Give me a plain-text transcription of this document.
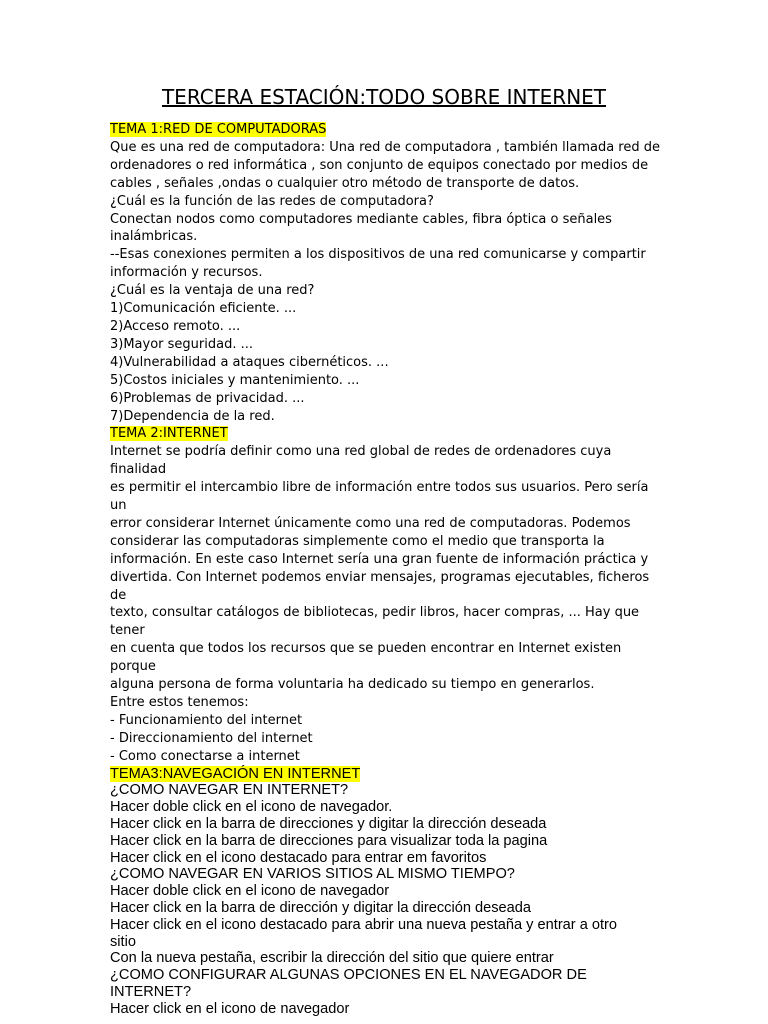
TERCERA ESTACIÓN:TODO SOBRE INTERNET

TEMA 1:RED DE COMPUTADORAS

Que es una red de computadora: Una red de computadora , también llamada red de

ordenadores o red informática , son conjunto de equipos conectado por medios de

cables , señales ,ondas o cualquier otro método de transporte de datos.

¿Cuál es la función de las redes de computadora?

Conectan nodos como computadores mediante cables, fibra óptica o señales

inalámbricas.

--Esas conexiones permiten a los dispositivos de una red comunicarse y compartir

información y recursos.

¿Cuál es la ventaja de una red?

1)Comunicación eficiente. ...

2)Acceso remoto. ...

3)Mayor seguridad. ...

4)Vulnerabilidad a ataques cibernéticos. ...

5)Costos iniciales y mantenimiento. ...

6)Problemas de privacidad. ...

7)Dependencia de la red.

TEMA 2:INTERNET

Internet se podría definir como una red global de redes de ordenadores cuya finalidad

es permitir el intercambio libre de información entre todos sus usuarios. Pero sería un

error considerar Internet únicamente como una red de computadoras. Podemos

considerar las computadoras simplemente como el medio que transporta la

información. En este caso Internet sería una gran fuente de información práctica y

divertida. Con Internet podemos enviar mensajes, programas ejecutables, ficheros de

texto, consultar catálogos de bibliotecas, pedir libros, hacer compras, ... Hay que tener

en cuenta que todos los recursos que se pueden encontrar en Internet existen porque

alguna persona de forma voluntaria ha dedicado su tiempo en generarlos.

Entre estos tenemos:

- Funcionamiento del internet

- Direccionamiento del internet

- Como conectarse a internet

TEMA3:NAVEGACIÓN EN INTERNET

¿COMO NAVEGAR EN INTERNET?

Hacer doble click en el icono de navegador.

Hacer click en la barra de direcciones y digitar la dirección deseada

Hacer click en la barra de direcciones para visualizar toda la pagina

Hacer click en el icono destacado para entrar em favoritos

¿COMO NAVEGAR EN VARIOS SITIOS AL MISMO TIEMPO?

Hacer doble click en el icono de navegador

Hacer click en la barra de dirección y digitar la dirección deseada

Hacer click en el icono destacado para abrir una nueva pestaña y entrar a otro

sitio

Con la nueva pestaña, escribir la dirección del sitio que quiere entrar

¿COMO CONFIGURAR ALGUNAS OPCIONES EN EL NAVEGADOR DE

INTERNET?

Hacer click en el icono de navegador
